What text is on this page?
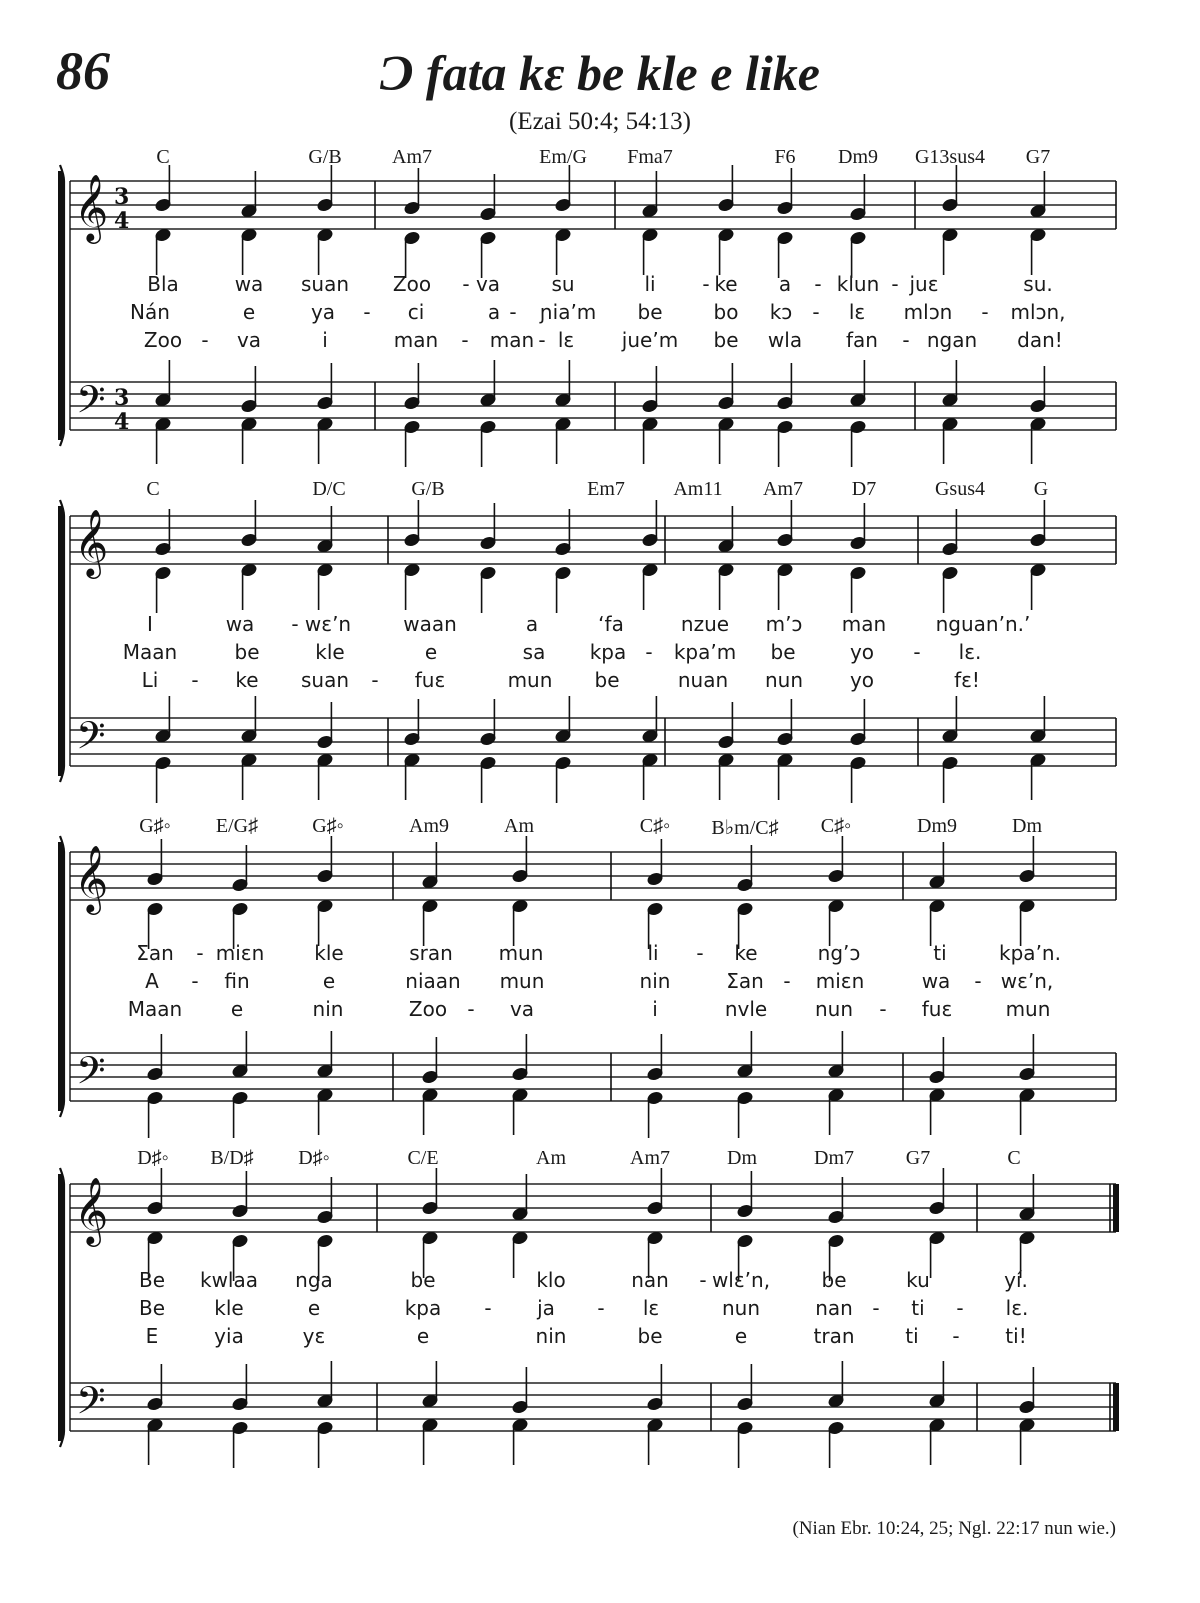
86	Ɔ fata kɛ be kle e like
(Ezai 50:4; 54:13)
𝄞
𝄢
3
4
3
4
𝄞
𝄢
𝄞
𝄢
𝄞
𝄢
C	G/B	Am7	Em/G Fma7	F6 Dm9 G13sus4 G7
Bla	wa suan Zoo - va	su	li - ke a - klun - juɛ	su.
Nán	e	ya - ci	a - ɲia’m be	bo kɔ - lɛ mlɔn - mlɔn,
Zoo - va	i	man - man - lɛ jue’m be wla fan - ngan dan!
C	D/C	G/B	Em7 Am11 Am7 D7	Gsus4 G
I	wa - wɛ’n	waan	a	‘fa	nzue m’ɔ man nguan’n.’
Maan	be	kle	e	sa kpa - kpa’m be	yo - lɛ.
Li - ke suan - fuɛ	mun be	nuan nun yo	fɛ!
G♯◦ E/G♯	G♯◦	Am9	Am	C♯◦ B♭m/C♯ C♯◦	Dm9	Dm
Ʃan - miɛn	kle	sran mun	li - ke	ng’ɔ	ti	kpa’n.
A - fin	e	niaan mun	nin	Ʃan - miɛn	wa - wɛ’n,
Maan e	nin	Zoo - va	i	nvle nun - fuɛ	mun
D♯◦ B/D♯ D♯◦	C/E	Am	Am7	Dm	Dm7	G7	C
Be kwlaa nga	be	klo	nan - wlɛ’n,	be	ku	yí.
Be kle	e	kpa - ja - lɛ	nun	nan - ti - lɛ.
E	yia	yɛ	e	nin	be	e	tran	ti - ti!
(Nian Ebr. 10:24, 25; Ngl. 22:17 nun wie.)
